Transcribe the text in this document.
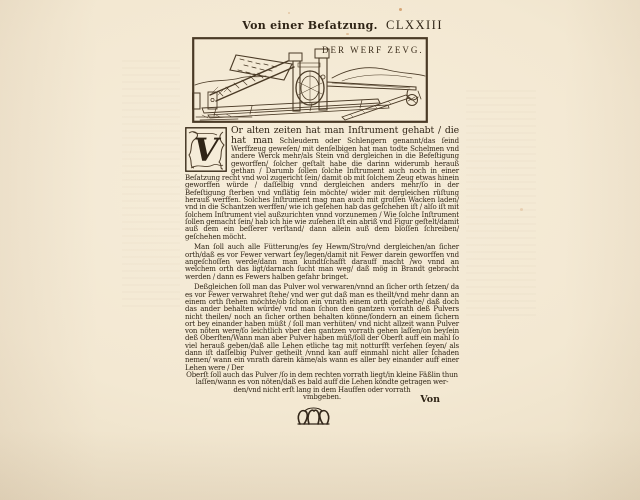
Von einer Beſatzung. CLXXIII
DER WERF ZEVG.
V
Or alten zeiten hat man Inſtrument gehabt / die hat man Schleudern oder Schlengern genannt/das ſeind Werffzeug geweſen/ mit denſelbigen hat man todte Schelmen vnd andere Werck mehr/als Stein vnd dergleichen in die Befeſtigung geworffen/ ſolcher geſtalt habe die darinn widerumb herauß gethan / Darumb ſollen ſolche Inſtrument auch noch in einer Beſatzung recht vnd wol zugericht ſein/ damit ob mit ſolchem Zeug etwas hinein geworffen würde / daſſelbig vnnd dergleichen anders mehr/ſo in der Befeſtigung ſterben vnd vnflätig ſein möchte/ wider mit dergleichen rüſtung herauß werffen. Solches Inſtrument mag man auch mit groſſen Wacken laden/ vnd in die Schantzen werffen/ wie ich geſehen hab das geſchehen iſt / alſo iſt mit ſolchem Inſtrument viel außzurichten vnnd vorzunemen / Wie ſolche Inſtrument ſollen gemacht ſein/ hab ich hie wie zuſehen iſt ein abriß vnd Figur geſtelt/damit auß dem ein beſſerer verſtand/ dann allein auß dem bloſſen ſchreiben/ geſchehen möcht.
Man ſoll auch alle Fütterung/es ſey Hewm/Stro/vnd dergleichen/an ſicher orth/daß es vor Fewer verwart ſey/legen/damit nit Fewer darein geworffen vnd angeſchoſſen werde/dann man kundtſchafft darauff macht /wo vnnd an welchem orth das ligt/darnach ſucht man weg/ daß mög in Brandt gebracht werden / dann es Fewers halben gefahr bringet.
Deßgleichen ſoll man das Pulver wol verwaren/vnnd an ſicher orth ſetzen/ da es vor Fewer verwahret ſtehe/ vnd wer gut daß man es theilt/vnd mehr dann an einem orth ſtehen möchte/ob ſchon ein vnrath einem orth geſchehe/ daß doch das ander behalten würde/ vnd man ſchon den gantzen vorrath deß Pulvers nicht theilen/ noch an ſicher orthen behalten könne/ſondern an einem ſichern ort bey einander haben müßt / ſoll man verhüten/ vnd nicht allzeit wann Pulver von nöten were/ſo leichtlich vber den gantzen vorrath gehen laſſen/on beyſein deß Oberſten/Wann man aber Pulver haben müß/ſoll der Oberſt auff ein mahl ſo viel herauß geben/daß alle Lehen etliche tag mit notturfft verſehen ſeyen/ als dann iſt daſſelbig Pulver getheilt /vnnd kan auff einmahl nicht aller ſchaden nemen/ wann ein vnrath darein käme/als wann es aller bey einander auff einer Lehen were / Der
Oberſt ſoll auch das Pulver /ſo in dem rechten vorrath liegt/in kleine Fäßlin thun
laſſen/wann es von nöten/daß es bald auff die Lehen köndte getragen wer-
den/vnd nicht erſt lang in dem Hauffen oder vorrath
vmbgeben.	Von
